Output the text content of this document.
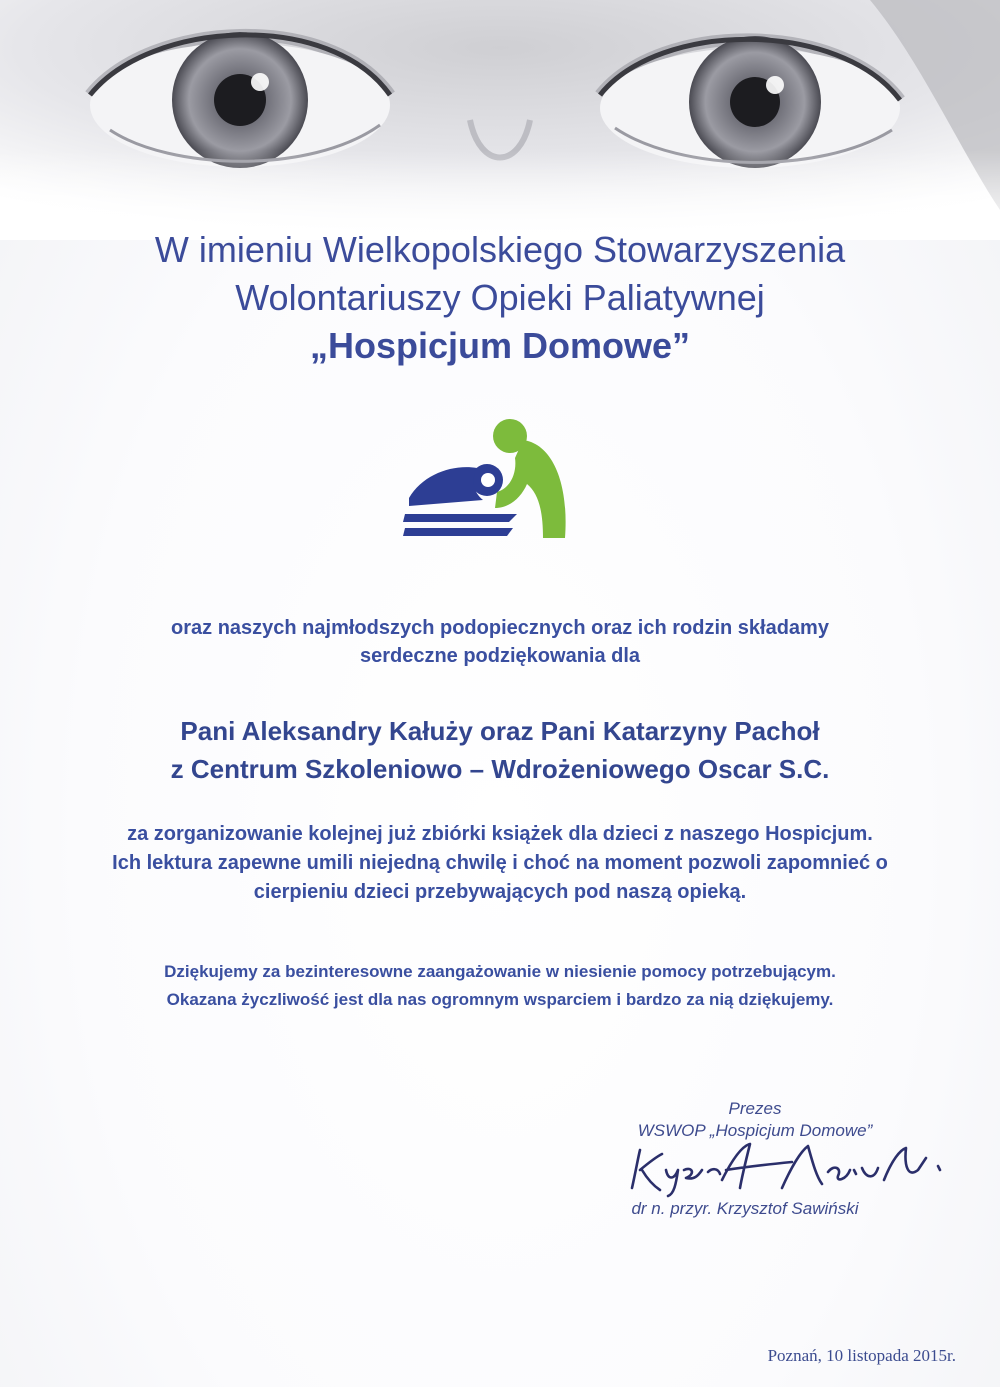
W imieniu Wielkopolskiego Stowarzyszenia
Wolontariuszy Opieki Paliatywnej
„Hospicjum Domowe”
oraz naszych najmłodszych podopiecznych oraz ich rodzin składamy
serdeczne podziękowania dla
Pani Aleksandry Kałuży oraz Pani Katarzyny Pachoł
z Centrum Szkoleniowo – Wdrożeniowego Oscar S.C.
za zorganizowanie kolejnej już zbiórki książek dla dzieci z naszego Hospicjum.
Ich lektura zapewne umili niejedną chwilę i choć na moment pozwoli zapomnieć o
cierpieniu dzieci przebywających pod naszą opieką.
Dziękujemy za bezinteresowne zaangażowanie w niesienie pomocy potrzebującym.
Okazana życzliwość jest dla nas ogromnym wsparciem i bardzo za nią dziękujemy.
Prezes
WSWOP „Hospicjum Domowe”
dr n. przyr. Krzysztof Sawiński
Poznań, 10 listopada 2015r.
